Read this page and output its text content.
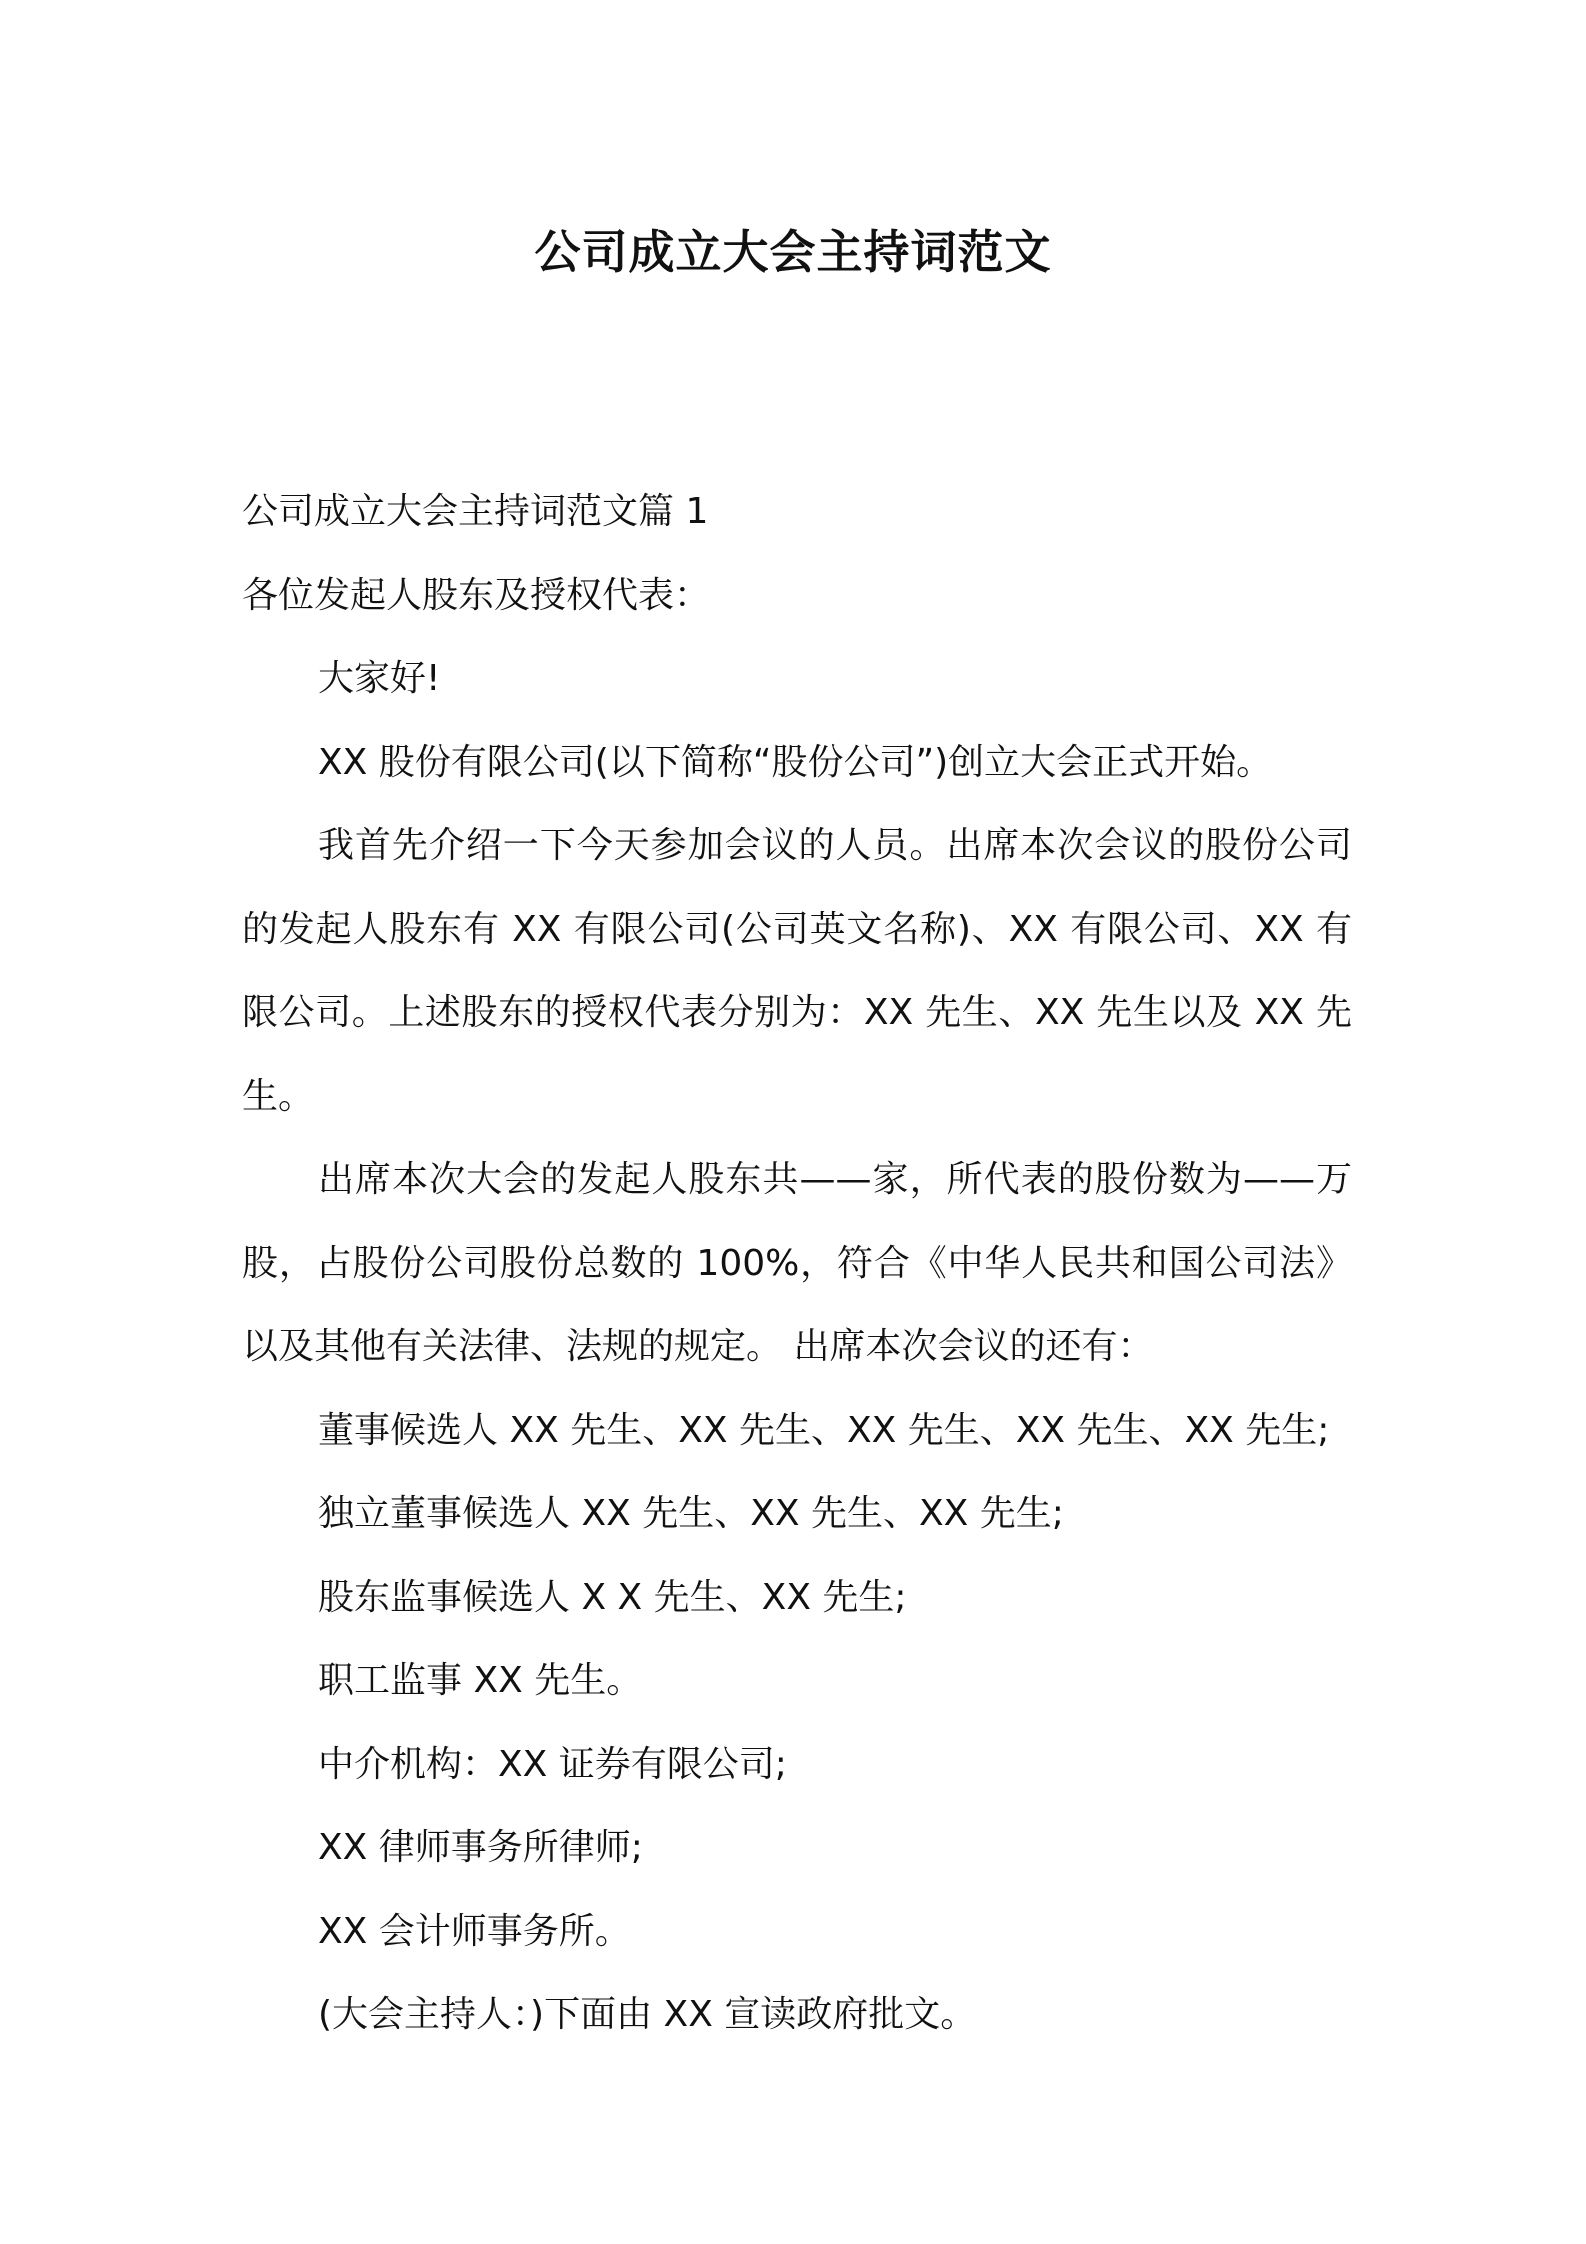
公司成立大会主持词范文
公司成立大会主持词范文篇 1
各位发起人股东及授权代表：
大家好!
XX 股份有限公司(以下简称“股份公司”)创立大会正式开始。
我首先介绍一下今天参加会议的人员。出席本次会议的股份公司的发起人股东有 XX 有限公司(公司英文名称)、XX 有限公司、XX 有限公司。上述股东的授权代表分别为：XX 先生、XX 先生以及 XX 先生。
出席本次大会的发起人股东共——家，所代表的股份数为——万股，占股份公司股份总数的 100%，符合《中华人民共和国公司法》以及其他有关法律、法规的规定。 出席本次会议的还有：
董事候选人 XX 先生、XX 先生、XX 先生、XX 先生、XX 先生;
独立董事候选人 XX 先生、XX 先生、XX 先生;
股东监事候选人 X X 先生、XX 先生;
职工监事 XX 先生。
中介机构：XX 证券有限公司;
XX 律师事务所律师;
XX 会计师事务所。
(大会主持人：)下面由 XX 宣读政府批文。
